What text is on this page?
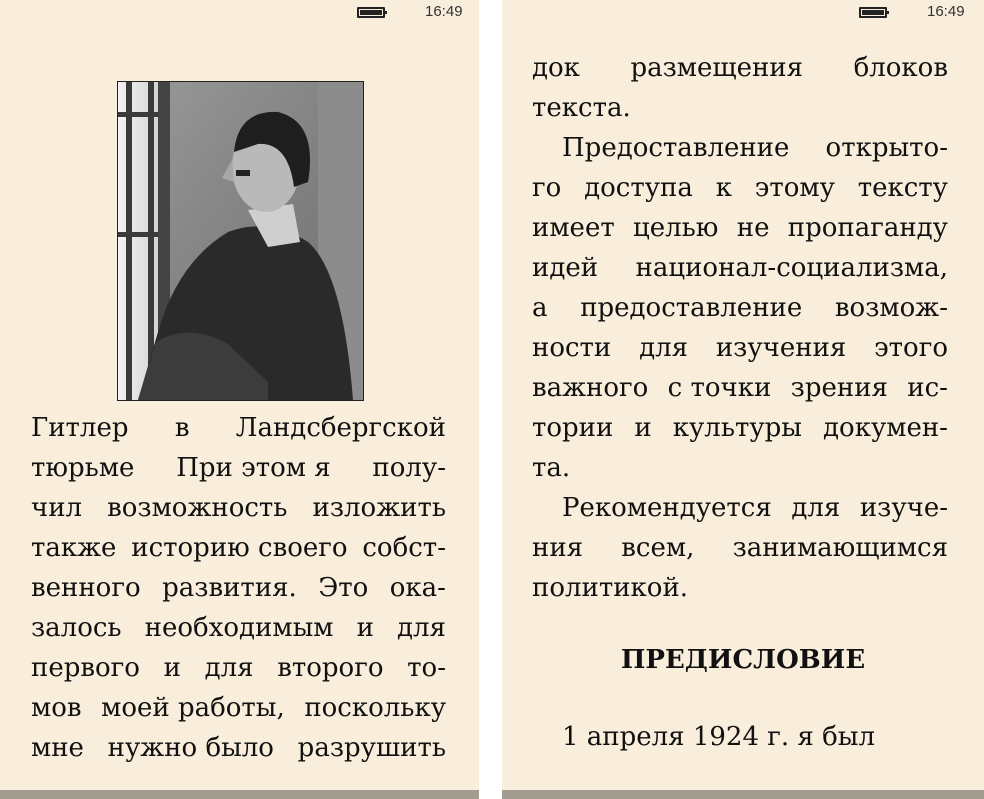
16:49

Гитлер в Ландсбергской

тюрьме При этом я полу-

чил возможность изложить

также историю своего собст-

венного развития. Это ока-

залось необходимым и для

первого и для второго то-

мов моей работы, поскольку

мне нужно было разрушить

16:49

док размещения блоков

текста.

Предоставление открыто-

го доступа к этому тексту

имеет целью не пропаганду

идей национал-социализма,

а предоставление возмож-

ности для изучения этого

важного с точки зрения ис-

тории и культуры докумен-

та.

Рекомендуется для изуче-

ния всем, занимающимся

политикой.

ПРЕДИСЛОВИЕ

1 апреля 1924 г. я был
